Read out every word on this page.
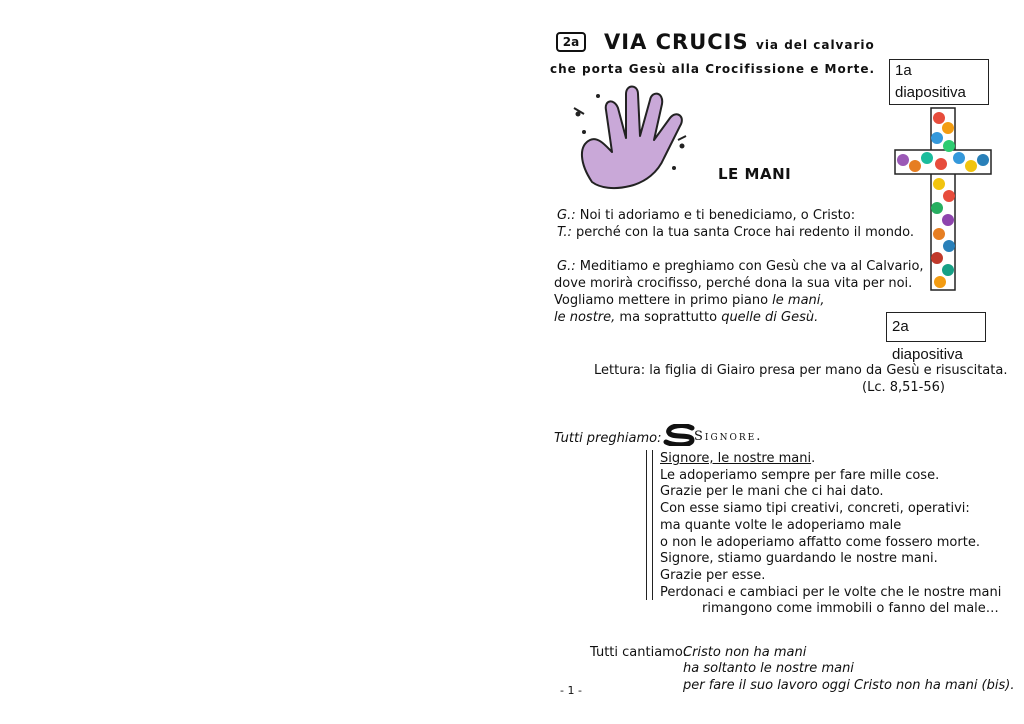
2a	VIA CRUCIS via del calvario
che porta Gesù alla Crocifissione e Morte.	1a diapositiva
LE MANI
G.: Noi ti adoriamo e ti benediciamo, o Cristo:
T.: perché con la tua santa Croce hai redento il mondo.
G.: Meditiamo e preghiamo con Gesù che va al Calvario,
dove morirà crocifisso, perché dona la sua vita per noi.
Vogliamo mettere in primo piano le mani,
le nostre, ma soprattutto quelle di Gesù.
2a diapositiva
Lettura: la figlia di Giairo presa per mano da Gesù e risuscitata.
(Lc. 8,51-56)
Tutti preghiamo:	Signore.
Signore, le nostre mani.
Le adoperiamo sempre per fare mille cose.
Grazie per le mani che ci hai dato.
Con esse siamo tipi creativi, concreti, operativi:
ma quante volte le adoperiamo male
o non le adoperiamo affatto come fossero morte.
Signore, stiamo guardando le nostre mani.
Grazie per esse.
Perdonaci e cambiaci per le volte che le nostre mani
rimangono come immobili o fanno del male…
Tutti cantiamo:
Cristo non ha mani
ha soltanto le nostre mani
per fare il suo lavoro oggi Cristo non ha mani (bis).
- 1 -
